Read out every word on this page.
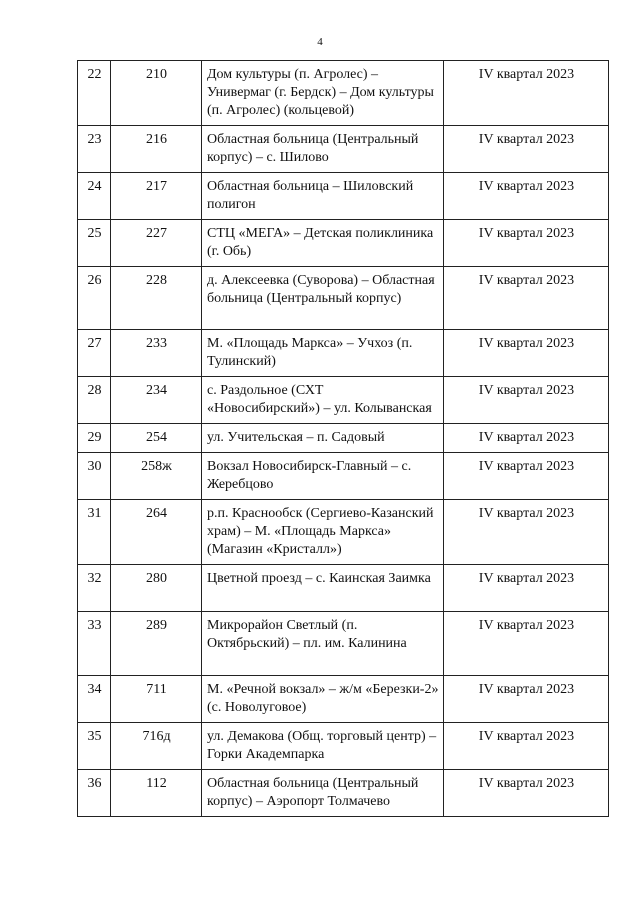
4
22	210	Дом культуры (п. Агролес) – Универмаг (г. Бердск) – Дом культуры (п. Агролес) (кольцевой)	IV квартал 2023
23	216	Областная больница (Центральный корпус) – с. Шилово	IV квартал 2023
24	217	Областная больница – Шиловский полигон	IV квартал 2023
25	227	СТЦ «МЕГА» – Детская поликлиника (г. Обь)	IV квартал 2023
26	228	д. Алексеевка (Суворова) – Областная больница (Центральный корпус)	IV квартал 2023
27	233	М. «Площадь Маркса» – Учхоз (п. Тулинский)	IV квартал 2023
28	234	с. Раздольное (СХТ «Новосибирский») – ул. Колыванская	IV квартал 2023
29	254	ул. Учительская – п. Садовый	IV квартал 2023
30	258ж	Вокзал Новосибирск-Главный – с. Жеребцово	IV квартал 2023
31	264	р.п. Краснообск (Сергиево-Казанский храм) – М. «Площадь Маркса» (Магазин «Кристалл»)	IV квартал 2023
32	280	Цветной проезд – с. Каинская Заимка	IV квартал 2023
33	289	Микрорайон Светлый (п. Октябрьский) – пл. им. Калинина	IV квартал 2023
34	711	М. «Речной вокзал» – ж/м «Березки-2» (с. Новолуговое)	IV квартал 2023
35	716д	ул. Демакова (Общ. торговый центр) – Горки Академпарка	IV квартал 2023
36	112	Областная больница (Центральный корпус) – Аэропорт Толмачево	IV квартал 2023
